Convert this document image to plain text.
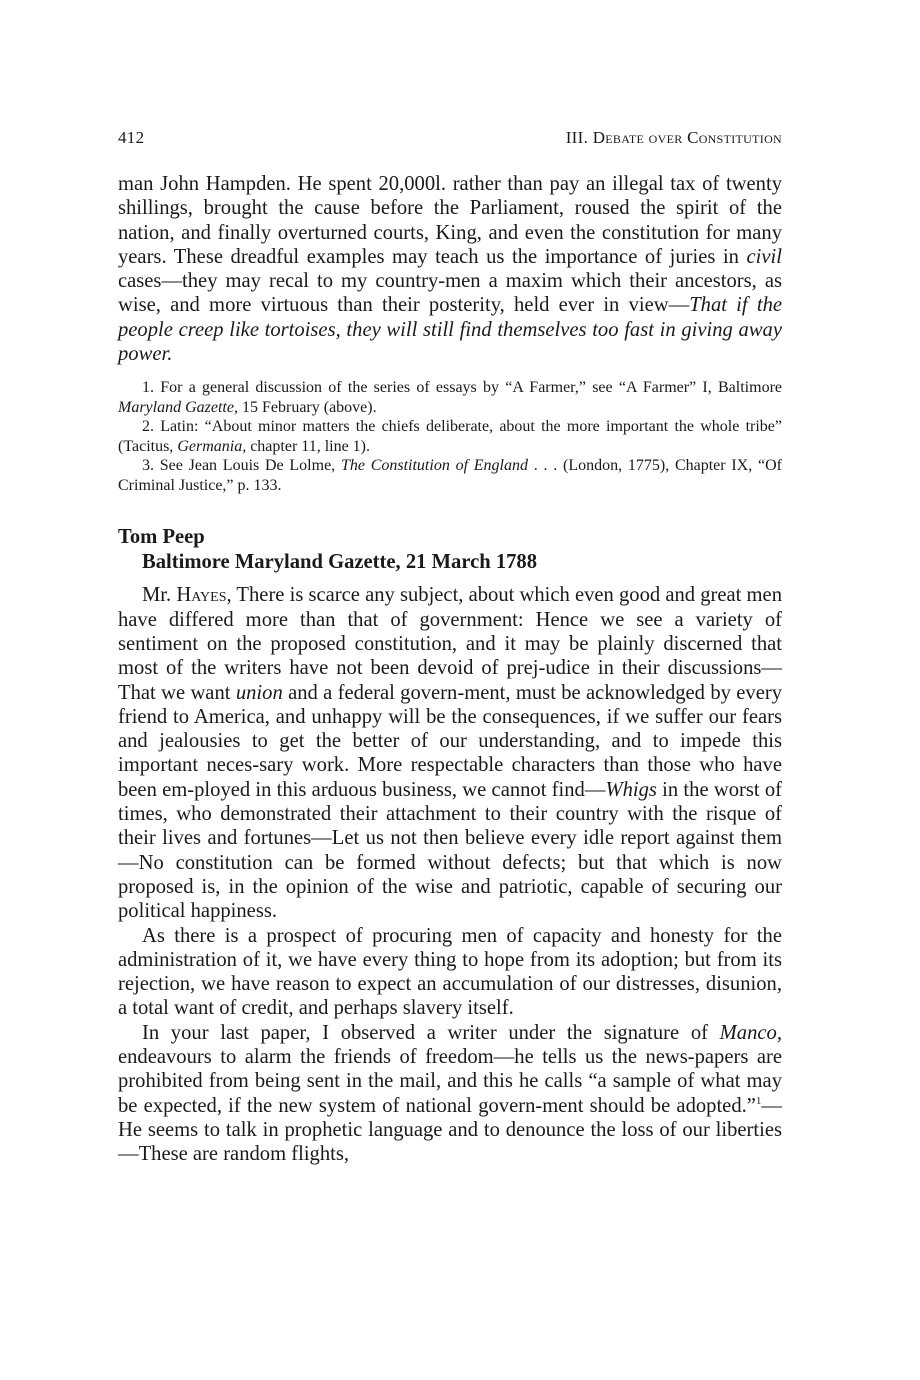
412	III. Debate over Constitution

man John Hampden. He spent 20,000l. rather than pay an illegal tax of twenty shillings, brought the cause before the Parliament, roused the spirit of the nation, and finally overturned courts, King, and even the constitution for many years. These dreadful examples may teach us the importance of juries in civil cases—they may recal to my country-men a maxim which their ancestors, as wise, and more virtuous than their posterity, held ever in view—That if the people creep like tortoises, they will still find themselves too fast in giving away power.

1. For a general discussion of the series of essays by “A Farmer,” see “A Farmer” I, Baltimore Maryland Gazette, 15 February (above).

2. Latin: “About minor matters the chiefs deliberate, about the more important the whole tribe” (Tacitus, Germania, chapter 11, line 1).

3. See Jean Louis De Lolme, The Constitution of England . . . (London, 1775), Chapter IX, “Of Criminal Justice,” p. 133.

Tom Peep
Baltimore Maryland Gazette, 21 March 1788

Mr. Hayes, There is scarce any subject, about which even good and great men have differed more than that of government: Hence we see a variety of sentiment on the proposed constitution, and it may be plainly discerned that most of the writers have not been devoid of prej-udice in their discussions—That we want union and a federal govern-ment, must be acknowledged by every friend to America, and unhappy will be the consequences, if we suffer our fears and jealousies to get the better of our understanding, and to impede this important neces-sary work. More respectable characters than those who have been em-ployed in this arduous business, we cannot find—Whigs in the worst of times, who demonstrated their attachment to their country with the risque of their lives and fortunes—Let us not then believe every idle report against them—No constitution can be formed without defects; but that which is now proposed is, in the opinion of the wise and patriotic, capable of securing our political happiness.

As there is a prospect of procuring men of capacity and honesty for the administration of it, we have every thing to hope from its adoption; but from its rejection, we have reason to expect an accumulation of our distresses, disunion, a total want of credit, and perhaps slavery itself.

In your last paper, I observed a writer under the signature of Manco, endeavours to alarm the friends of freedom—he tells us the news-papers are prohibited from being sent in the mail, and this he calls “a sample of what may be expected, if the new system of national govern-ment should be adopted.”$^1$—He seems to talk in prophetic language and to denounce the loss of our liberties—These are random flights,
